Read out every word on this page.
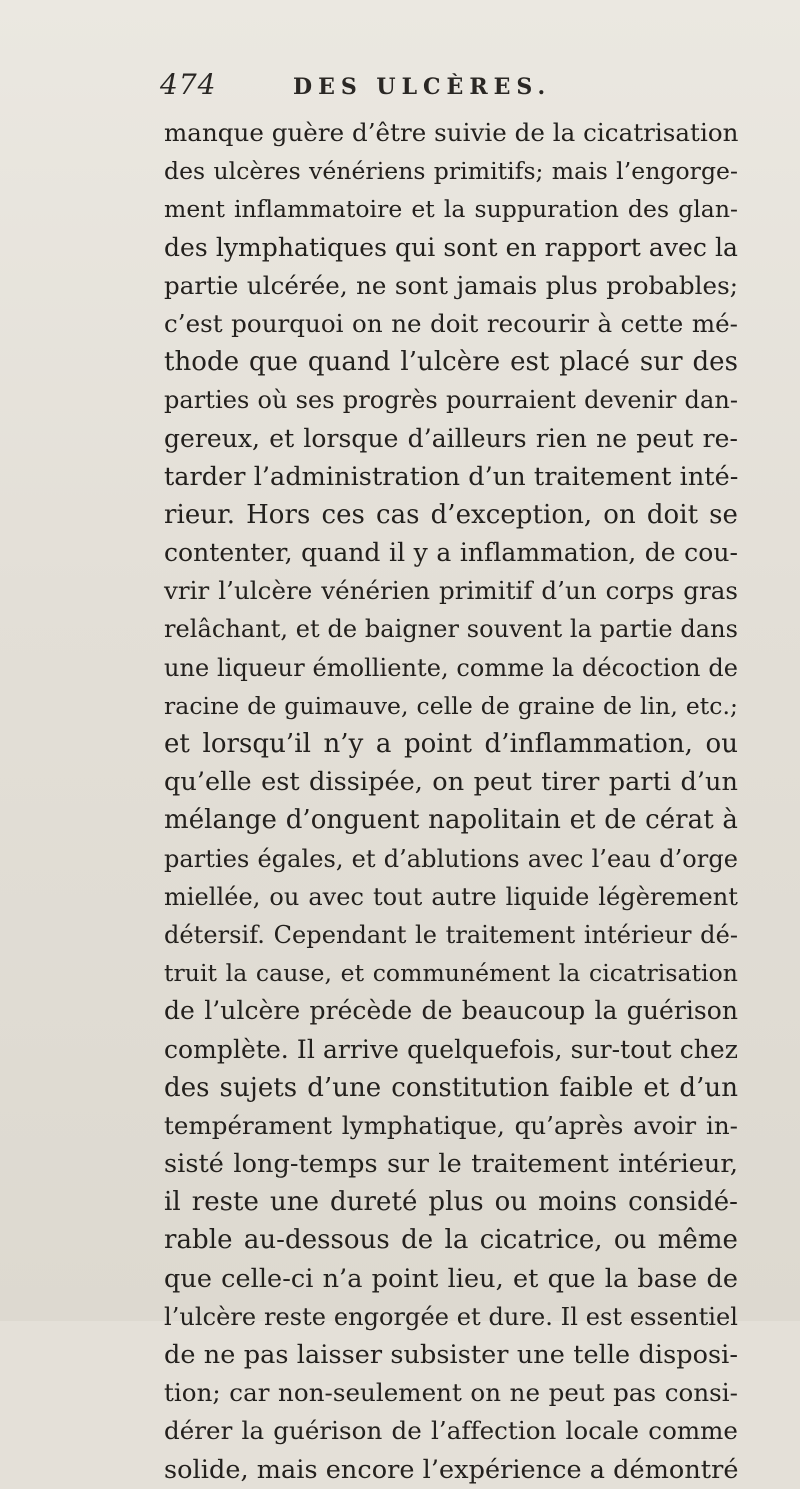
474	DES ULCÈRES.
manque guère d’être suivie de la cicatrisation
des ulcères vénériens primitifs; mais l’engorge-
ment inflammatoire et la suppuration des glan-
des lymphatiques qui sont en rapport avec la
partie ulcérée, ne sont jamais plus probables;
c’est pourquoi on ne doit recourir à cette mé-
thode que quand l’ulcère est placé sur des
parties où ses progrès pourraient devenir dan-
gereux, et lorsque d’ailleurs rien ne peut re-
tarder l’administration d’un traitement inté-
rieur. Hors ces cas d’exception, on doit se
contenter, quand il y a inflammation, de cou-
vrir l’ulcère vénérien primitif d’un corps gras
relâchant, et de baigner souvent la partie dans
une liqueur émolliente, comme la décoction de
racine de guimauve, celle de graine de lin, etc.;
et lorsqu’il n’y a point d’inflammation, ou
qu’elle est dissipée, on peut tirer parti d’un
mélange d’onguent napolitain et de cérat à
parties égales, et d’ablutions avec l’eau d’orge
miellée, ou avec tout autre liquide légèrement
détersif. Cependant le traitement intérieur dé-
truit la cause, et communément la cicatrisation
de l’ulcère précède de beaucoup la guérison
complète. Il arrive quelquefois, sur-tout chez
des sujets d’une constitution faible et d’un
tempérament lymphatique, qu’après avoir in-
sisté long-temps sur le traitement intérieur,
il reste une dureté plus ou moins considé-
rable au-dessous de la cicatrice, ou même
que celle-ci n’a point lieu, et que la base de
l’ulcère reste engorgée et dure. Il est essentiel
de ne pas laisser subsister une telle disposi-
tion; car non-seulement on ne peut pas consi-
dérer la guérison de l’affection locale comme
solide, mais encore l’expérience a démontré
